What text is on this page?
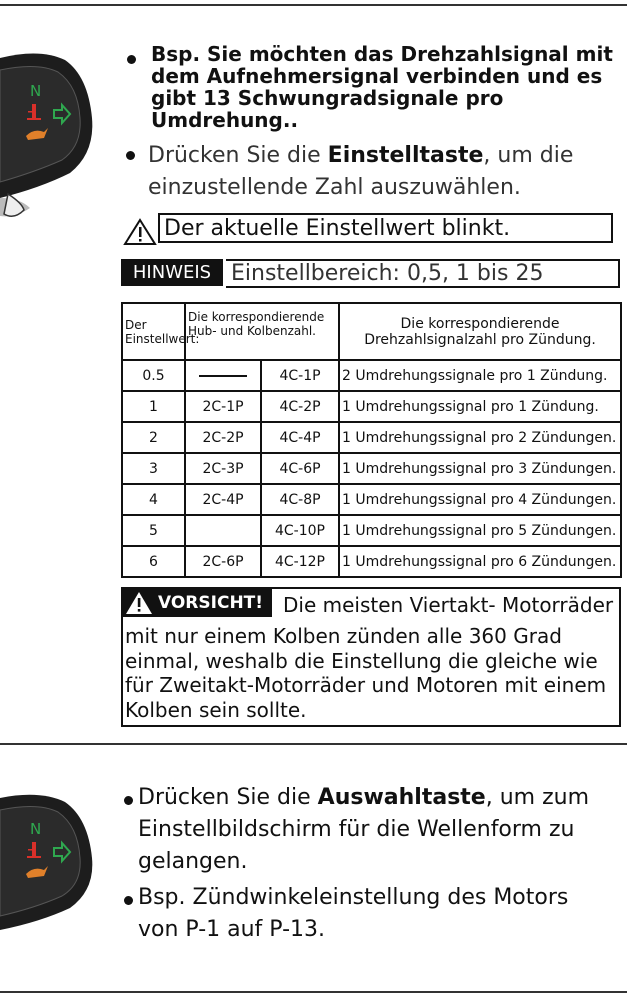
N
Bsp. Sie möchten das Drehzahlsignal mit dem Aufnehmersignal verbinden und es gibt 13 Schwungradsignale pro Umdrehung..
Drücken Sie die Einstelltaste, um die einzustellende Zahl auszuwählen.
Der aktuelle Einstellwert blinkt.
HINWEIS Einstellbereich: 0,5, 1 bis 25
Der Einstellwert:	Die korrespondierende Hub- und Kolbenzahl.		Die korrespondierende Drehzahlsignalzahl pro Zündung.
0.5		4C-1P	2 Umdrehungssignale pro 1 Zündung.
1	2C-1P	4C-2P	1 Umdrehungssignal pro 1 Zündung.
2	2C-2P	4C-4P	1 Umdrehungssignal pro 2 Zündungen.
3	2C-3P	4C-6P	1 Umdrehungssignal pro 3 Zündungen.
4	2C-4P	4C-8P	1 Umdrehungssignal pro 4 Zündungen.
5		4C-10P	1 Umdrehungssignal pro 5 Zündungen.
6	2C-6P	4C-12P	1 Umdrehungssignal pro 6 Zündungen.
VORSICHT! Die meisten Viertakt- Motorräder
mit nur einem Kolben zünden alle 360 Grad einmal, weshalb die Einstellung die gleiche wie für Zweitakt-Motorräder und Motoren mit einem Kolben sein sollte.
N
Drücken Sie die Auswahltaste, um zum Einstellbildschirm für die Wellenform zu gelangen.
Bsp. Zündwinkeleinstellung des Motors von P-1 auf P-13.
